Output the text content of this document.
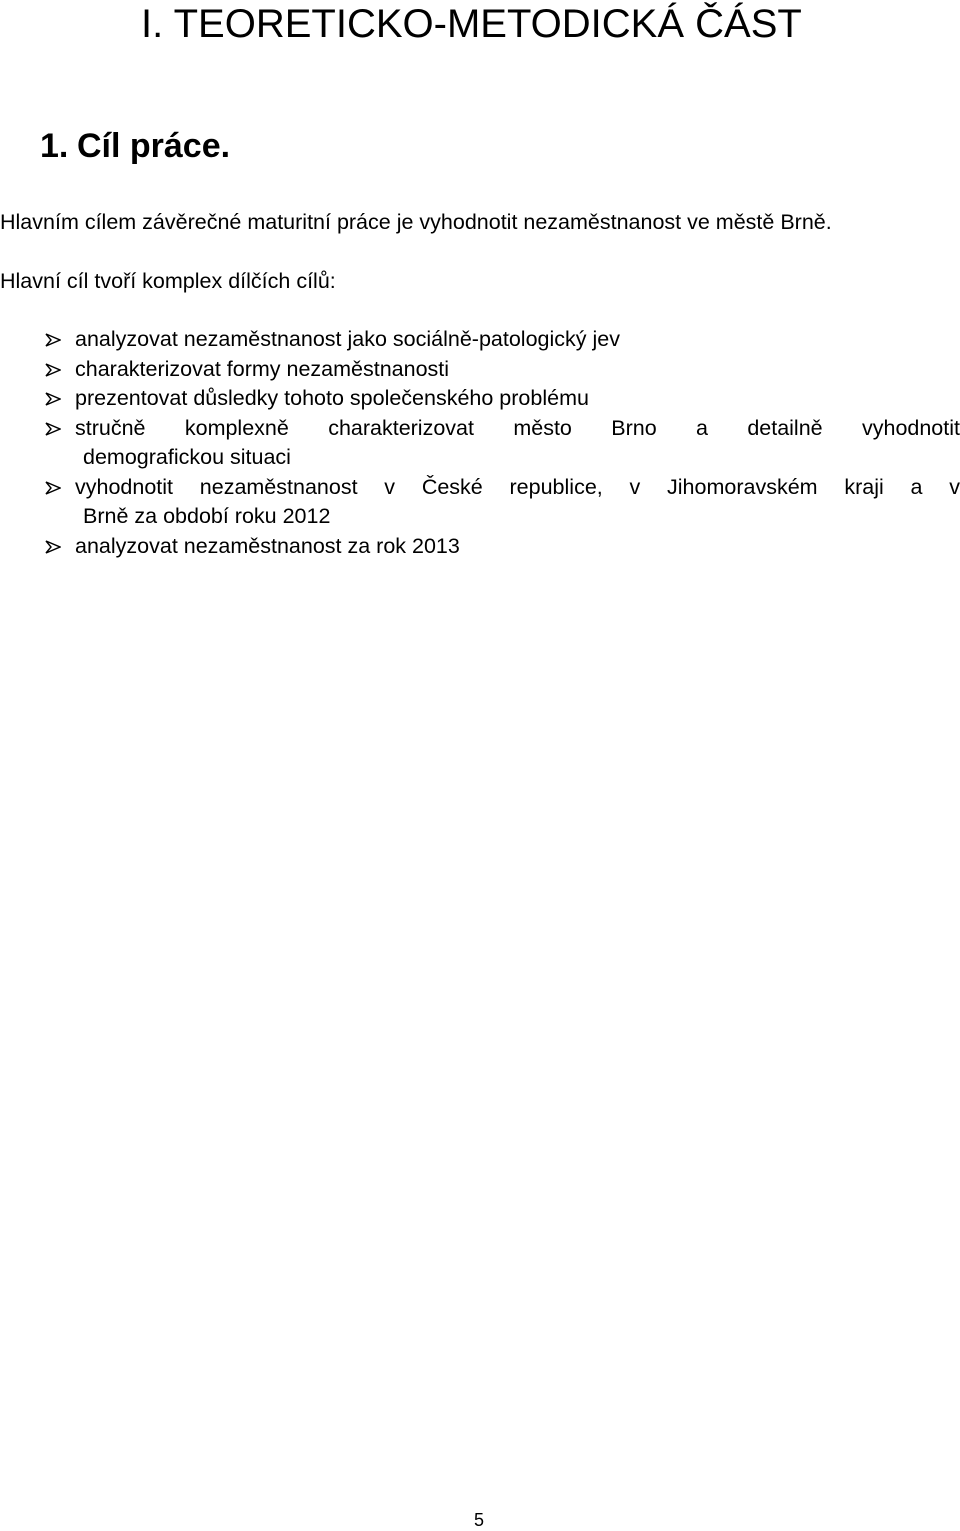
I. TEORETICKO-METODICKÁ ČÁST
1. Cíl práce.

Hlavním cílem závěrečné maturitní práce je vyhodnotit nezaměstnanost ve městě Brně.

Hlavní cíl tvoří komplex dílčích cílů:

analyzovat nezaměstnanost jako sociálně-patologický jev
charakterizovat formy nezaměstnanosti
prezentovat důsledky tohoto společenského problému
stručně komplexně charakterizovat město Brno a detailně vyhodnotit
demografickou situaci
vyhodnotit nezaměstnanost v České republice, v Jihomoravském kraji a v
Brně za období roku 2012
analyzovat nezaměstnanost za rok 2013

5
